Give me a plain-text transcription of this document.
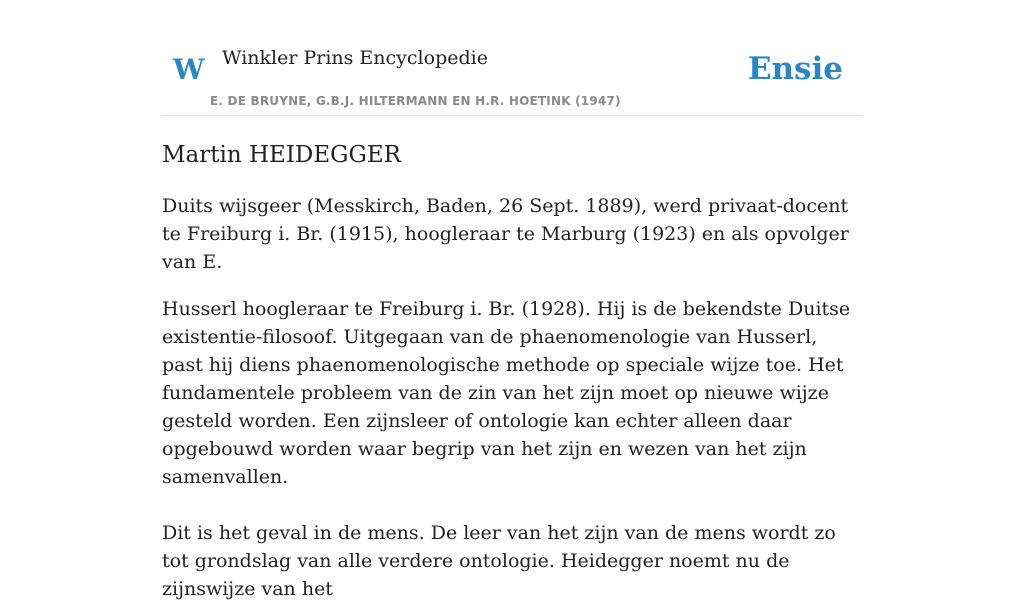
W Winkler Prins Encyclopedie
E. DE BRUYNE, G.B.J. HILTERMANN EN H.R. HOETINK (1947)
Ensie
Martin HEIDEGGER

Duits wijsgeer (Messkirch, Baden, 26 Sept. 1889), werd privaat-docent te Freiburg i. Br. (1915), hoogleraar te Marburg (1923) en als opvolger van E.

Husserl hoogleraar te Freiburg i. Br. (1928). Hij is de bekendste Duitse existentie-filosoof. Uitgegaan van de phaenomenologie van Husserl, past hij diens phaenomenologische methode op speciale wijze toe. Het fundamentele probleem van de zin van het zijn moet op nieuwe wijze gesteld worden. Een zijnsleer of ontologie kan echter alleen daar opgebouwd worden waar begrip van het zijn en wezen van het zijn samenvallen.

Dit is het geval in de mens. De leer van het zijn van de mens wordt zo tot grondslag van alle verdere ontologie. Heidegger noemt nu de zijnswijze van het
